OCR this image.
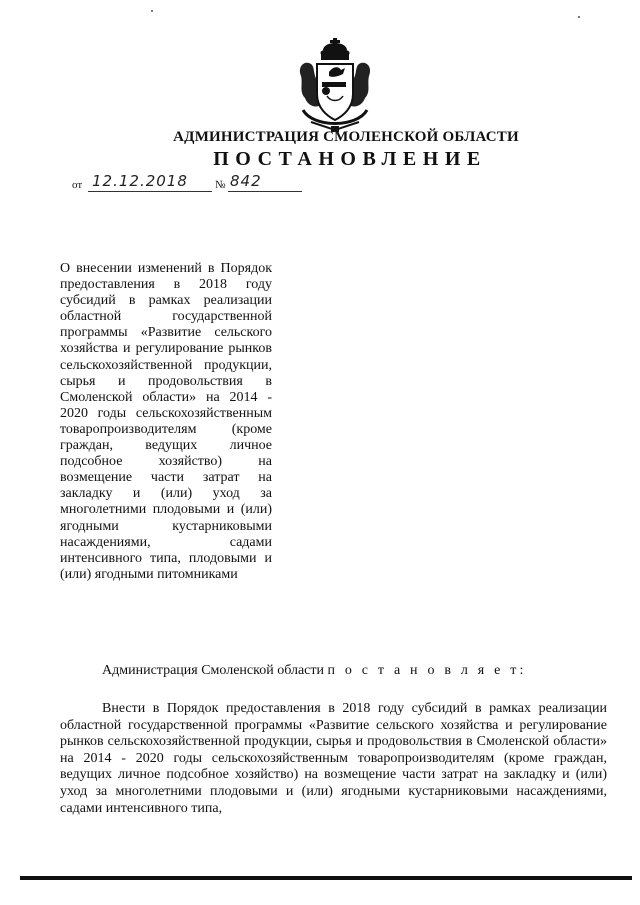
АДМИНИСТРАЦИЯ СМОЛЕНСКОЙ ОБЛАСТИ
ПОСТАНОВЛЕНИЕ
от 12.12.2018 № 842

О внесении изменений в Порядок предоставления в 2018 году субсидий в рамках реализации областной государственной программы «Развитие сельского хозяйства и регулирование рынков сельскохозяйственной продукции, сырья и продовольствия в Смоленской области» на 2014 - 2020 годы сельскохозяйственным товаропроизводителям (кроме граждан, ведущих личное подсобное хозяйство) на возмещение части затрат на закладку и (или) уход за многолетними плодовыми и (или) ягодными кустарниковыми насаждениями, садами интенсивного типа, плодовыми и (или) ягодными питомниками

Администрация Смоленской области п о с т а н о в л я е т:

Внести в Порядок предоставления в 2018 году субсидий в рамках реализации областной государственной программы «Развитие сельского хозяйства и регулирование рынков сельскохозяйственной продукции, сырья и продовольствия в Смоленской области» на 2014 - 2020 годы сельскохозяйственным товаропроизводителям (кроме граждан, ведущих личное подсобное хозяйство) на возмещение части затрат на закладку и (или) уход за многолетними плодовыми и (или) ягодными кустарниковыми насаждениями, садами интенсивного типа,
